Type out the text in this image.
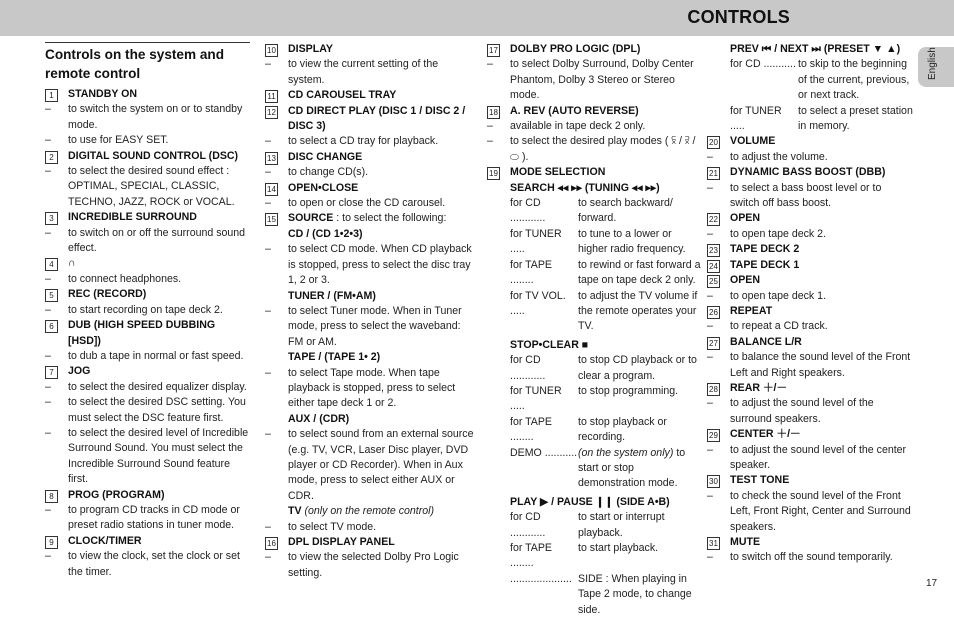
CONTROLS
English
17
Controls on the system and remote control
1	STANDBY ON
–	to switch the system on or to standby mode.
–	to use for EASY SET.
2	DIGITAL SOUND CONTROL (DSC)
–	to select the desired sound effect : OPTIMAL, SPECIAL, CLASSIC, TECHNO, JAZZ, ROCK or VOCAL.
3	INCREDIBLE SURROUND
–	to switch on or off the surround sound effect.
4	∩
–	to connect headphones.
5	REC (RECORD)
–	to start recording on tape deck 2.
6	DUB (HIGH SPEED DUBBING [HSD])
–	to dub a tape in normal or fast speed.
7	JOG
–	to select the desired equalizer display.
–	to select the desired DSC setting. You must select the DSC feature first.
–	to select the desired level of Incredible Surround Sound. You must select the Incredible Surround Sound feature first.
8	PROG (PROGRAM)
–	to program CD tracks in CD mode or preset radio stations in tuner mode.
9	CLOCK/TIMER
–	to view the clock, set the clock or set the timer.
10 DISPLAY
–	to view the current setting of the system.
11 CD CAROUSEL TRAY
12 CD DIRECT PLAY (DISC 1 / DISC 2 / DISC 3)
–	to select a CD tray for playback.
13 DISC CHANGE
–	to change CD(s).
14 OPEN•CLOSE
–	to open or close the CD carousel.
15 SOURCE : to select the following:
CD / (CD 1•2•3)
–	to select CD mode. When CD playback is stopped, press to select the disc tray 1, 2 or 3.
TUNER / (FM•AM)
–	to select Tuner mode. When in Tuner mode, press to select the waveband: FM or AM.
TAPE / (TAPE 1• 2)
–	to select Tape mode. When tape playback is stopped, press to select either tape deck 1 or 2.
AUX / (CDR)
–	to select sound from an external source (e.g. TV, VCR, Laser Disc player, DVD player or CD Recorder). When in Aux mode, press to select either AUX or CDR.
TV (only on the remote control)
–	to select TV mode.
16 DPL DISPLAY PANEL
–	to view the selected Dolby Pro Logic setting.
17 DOLBY PRO LOGIC (DPL)
–	to select Dolby Surround, Dolby Center Phantom, Dolby 3 Stereo or Stereo mode.
18 A. REV (AUTO REVERSE)
–	available in tape deck 2 only.
–	to select the desired play modes ( ⫁ / ⫂ / ⬭ ).
19 MODE SELECTION
SEARCH ◂◂ ▸▸ (TUNING ◂◂ ▸▸)
for CD ............
to search backward/ forward.
for TUNER .....
to tune to a lower or higher radio frequency.
for TAPE ........
to rewind or fast forward a tape on tape deck 2 only.
for TV VOL. .....
to adjust the TV volume if the remote operates your TV.
STOP•CLEAR ■
for CD ............
to stop CD playback or to clear a program.
for TUNER .....
to stop programming.
for TAPE ........
to stop playback or recording.
DEMO ........... (on the system only) to start or stop demonstration mode.
PLAY ▶ / PAUSE ❙❙ (SIDE A•B)
for CD ............
to start or interrupt playback.
for TAPE ........
to start playback.
..................... SIDE : When playing in Tape 2 mode, to change side.
PREV ⏮ / NEXT ⏭ (PRESET ▼ ▲)
for CD ........... to skip to the beginning of the current, previous, or next track.
for TUNER .....
to select a preset station in memory.
20 VOLUME
–	to adjust the volume.
21 DYNAMIC BASS BOOST (DBB)
–	to select a bass boost level or to switch off bass boost.
22 OPEN
–	to open tape deck 2.
23 TAPE DECK 2
24 TAPE DECK 1
25 OPEN
–	to open tape deck 1.
26 REPEAT
–	to repeat a CD track.
27 BALANCE L/R
–	to balance the sound level of the Front Left and Right speakers.
28 REAR ＋/－
–	to adjust the sound level of the surround speakers.
29 CENTER ＋/－
–	to adjust the sound level of the center speaker.
30 TEST TONE
–	to check the sound level of the Front Left, Front Right, Center and Surround speakers.
31 MUTE
–	to switch off the sound temporarily.
